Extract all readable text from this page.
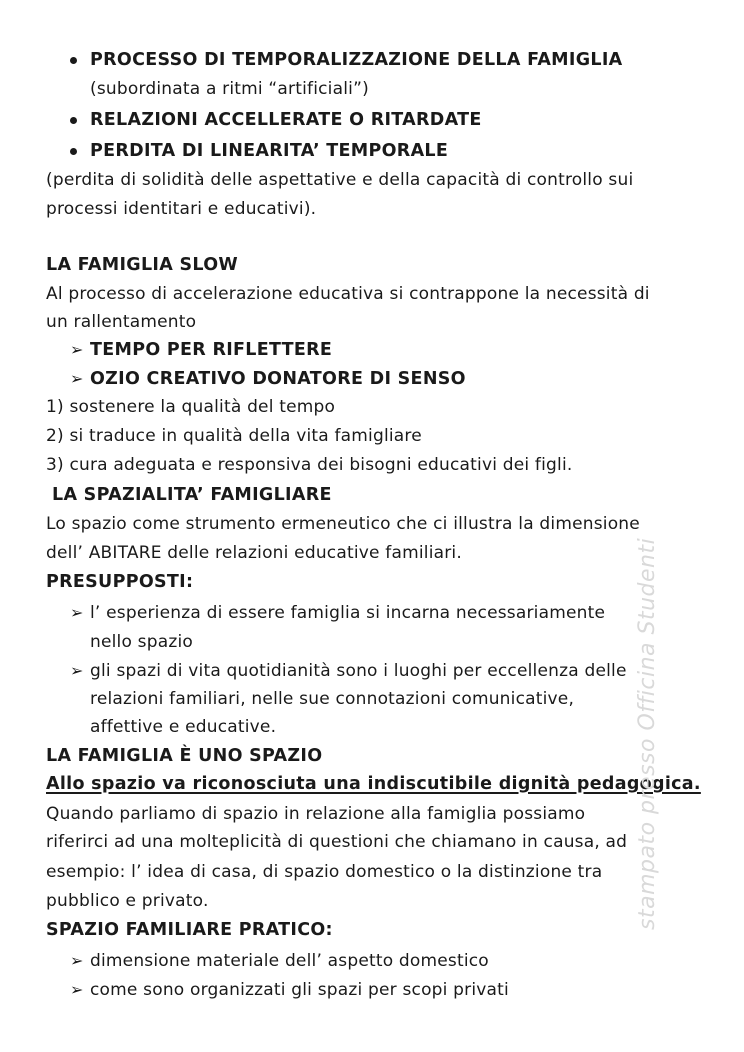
PROCESSO DI TEMPORALIZZAZIONE DELLA FAMIGLIA
(subordinata a ritmi “artificiali”)
RELAZIONI ACCELLERATE O RITARDATE
PERDITA DI LINEARITA’ TEMPORALE
(perdita di solidità delle aspettative e della capacità di controllo sui
processi identitari e educativi).
LA FAMIGLIA SLOW
Al processo di accelerazione educativa si contrappone la necessità di
un rallentamento
➢ TEMPO PER RIFLETTERE
➢ OZIO CREATIVO DONATORE DI SENSO
1) sostenere la qualità del tempo
2) si traduce in qualità della vita famigliare
3) cura adeguata e responsiva dei bisogni educativi dei figli.
LA SPAZIALITA’ FAMIGLIARE
Lo spazio come strumento ermeneutico che ci illustra la dimensione
dell’ ABITARE delle relazioni educative familiari.
PRESUPPOSTI:
➢ l’ esperienza di essere famiglia si incarna necessariamente
nello spazio
➢ gli spazi di vita quotidianità sono i luoghi per eccellenza delle
relazioni familiari, nelle sue connotazioni comunicative,
affettive e educative.
LA FAMIGLIA È UNO SPAZIO
Allo spazio va riconosciuta una indiscutibile dignità pedagogica.
Quando parliamo di spazio in relazione alla famiglia possiamo
riferirci ad una molteplicità di questioni che chiamano in causa, ad
esempio: l’ idea di casa, di spazio domestico o la distinzione tra
pubblico e privato.
SPAZIO FAMILIARE PRATICO:
➢ dimensione materiale dell’ aspetto domestico
➢ come sono organizzati gli spazi per scopi privati
stampato presso Officina Studenti
